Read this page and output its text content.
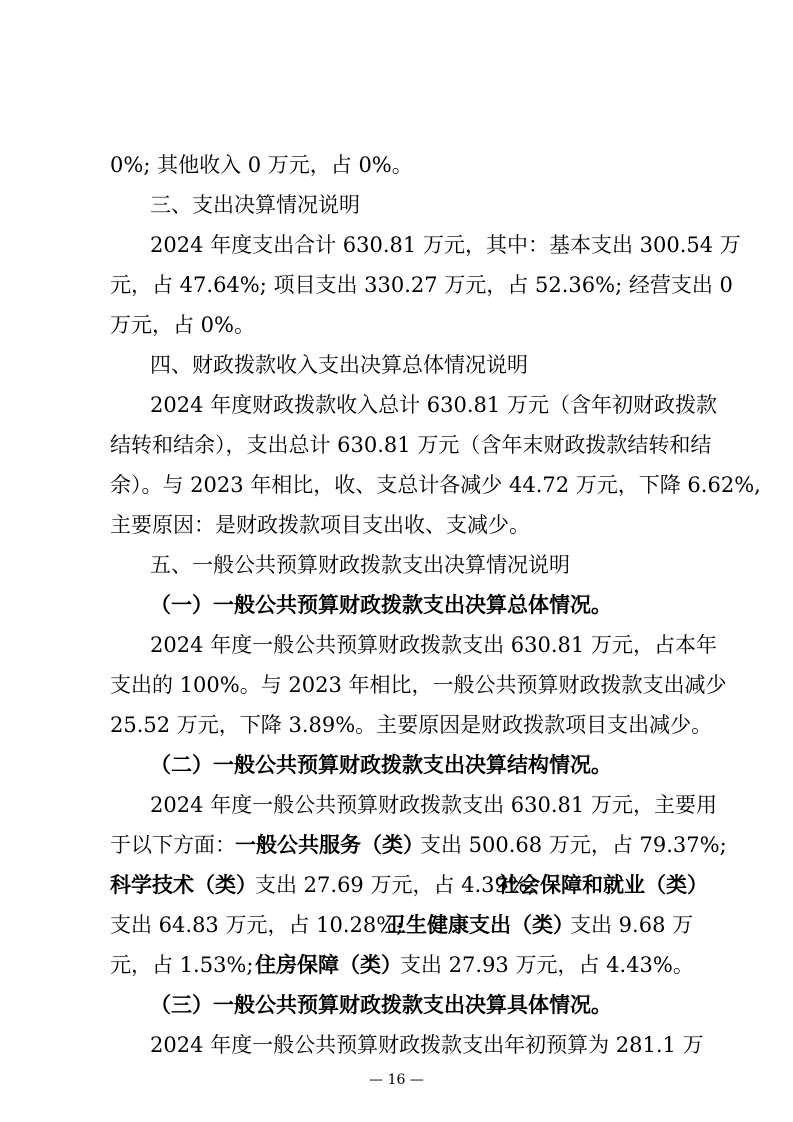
0%; 其他收入 0 万元，占 0%。
三、支出决算情况说明
2024 年度支出合计 630.81 万元，其中：基本支出 300.54 万
元，占 47.64%; 项目支出 330.27 万元，占 52.36%; 经营支出 0
万元，占 0%。
四、财政拨款收入支出决算总体情况说明
2024 年度财政拨款收入总计 630.81 万元（含年初财政拨款
结转和结余），支出总计 630.81 万元（含年末财政拨款结转和结
余）。与 2023 年相比，收、支总计各减少 44.72 万元，下降 6.62%,
主要原因：是财政拨款项目支出收、支减少。
五、一般公共预算财政拨款支出决算情况说明
（一）一般公共预算财政拨款支出决算总体情况。
2024 年度一般公共预算财政拨款支出 630.81 万元，占本年
支出的 100%。与 2023 年相比，一般公共预算财政拨款支出减少
25.52 万元，下降 3.89%。主要原因是财政拨款项目支出减少。
（二）一般公共预算财政拨款支出决算结构情况。
2024 年度一般公共预算财政拨款支出 630.81 万元，主要用
于以下方面： 一般公共服务（类）
支出 500.68 万元，占 79.37%;
科学技术（类）
支出 27.69 万元，占 4.39%;
社会保障和就业（类）
支出 64.83 万元，占 10.28%;
卫生健康支出（类）
支出 9.68 万
元，占 1.53%; 住房保障（类）
支出 27.93 万元，占 4.43%。
（三）一般公共预算财政拨款支出决算具体情况。
2024 年度一般公共预算财政拨款支出年初预算为 281.1 万
— 16 —
